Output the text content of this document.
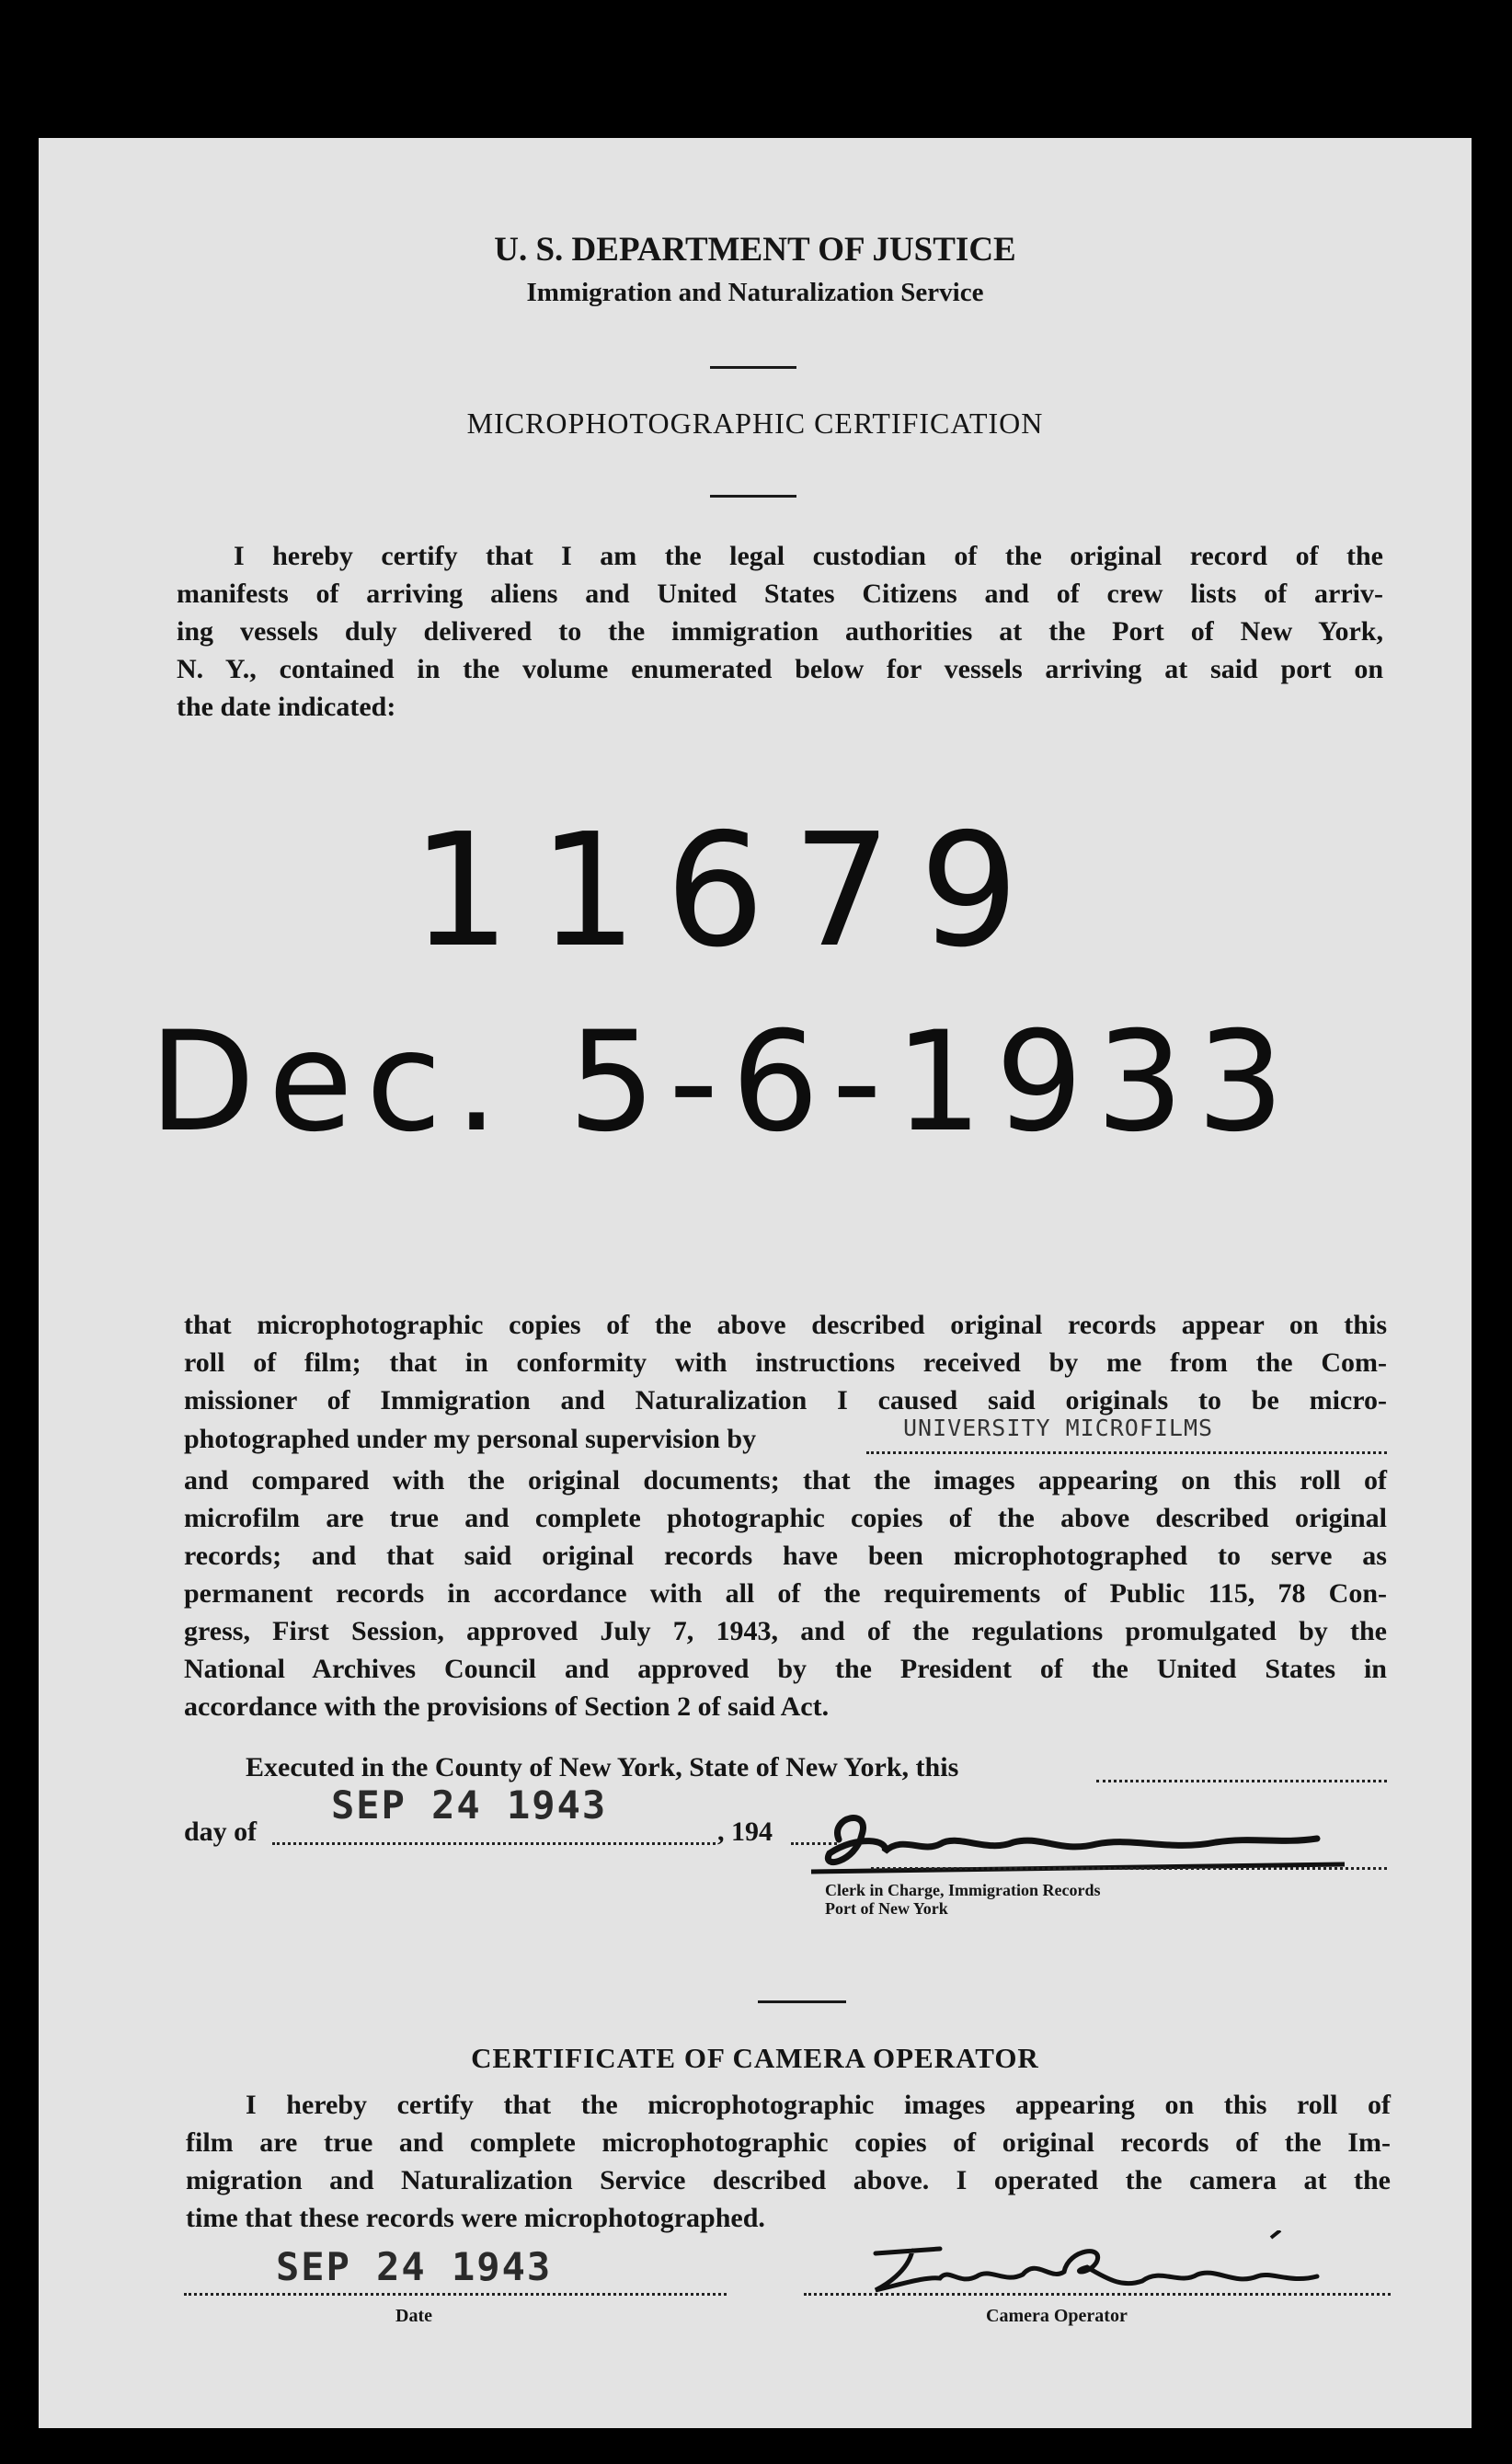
U. S. DEPARTMENT OF JUSTICE
Immigration and Naturalization Service
MICROPHOTOGRAPHIC CERTIFICATION
I hereby certify that I am the legal custodian of the original record of the
manifests of arriving aliens and United States Citizens and of crew lists of arriv-
ing vessels duly delivered to the immigration authorities at the Port of New York,
N. Y., contained in the volume enumerated below for vessels arriving at said port on
the date indicated:
11679
Dec. 5-6-1933
that microphotographic copies of the above described original records appear on this
roll of film; that in conformity with instructions received by me from the Com-
missioner of Immigration and Naturalization I caused said originals to be micro-
photographed under my personal supervision by	UNIVERSITY MICROFILMS
and compared with the original documents; that the images appearing on this roll of
microfilm are true and complete photographic copies of the above described original
records; and that said original records have been microphotographed to serve as
permanent records in accordance with all of the requirements of Public 115, 78 Con-
gress, First Session, approved July 7, 1943, and of the regulations promulgated by the
National Archives Council and approved by the President of the United States in
accordance with the provisions of Section 2 of said Act.
Executed in the County of New York, State of New York, this
day of
SEP 24 1943
, 194
Clerk in Charge, Immigration Records
Port of New York
CERTIFICATE OF CAMERA OPERATOR
I hereby certify that the microphotographic images appearing on this roll of
film are true and complete microphotographic copies of original records of the Im-
migration and Naturalization Service described above. I operated the camera at the
time that these records were microphotographed.
SEP 24 1943
Date	Camera Operator
